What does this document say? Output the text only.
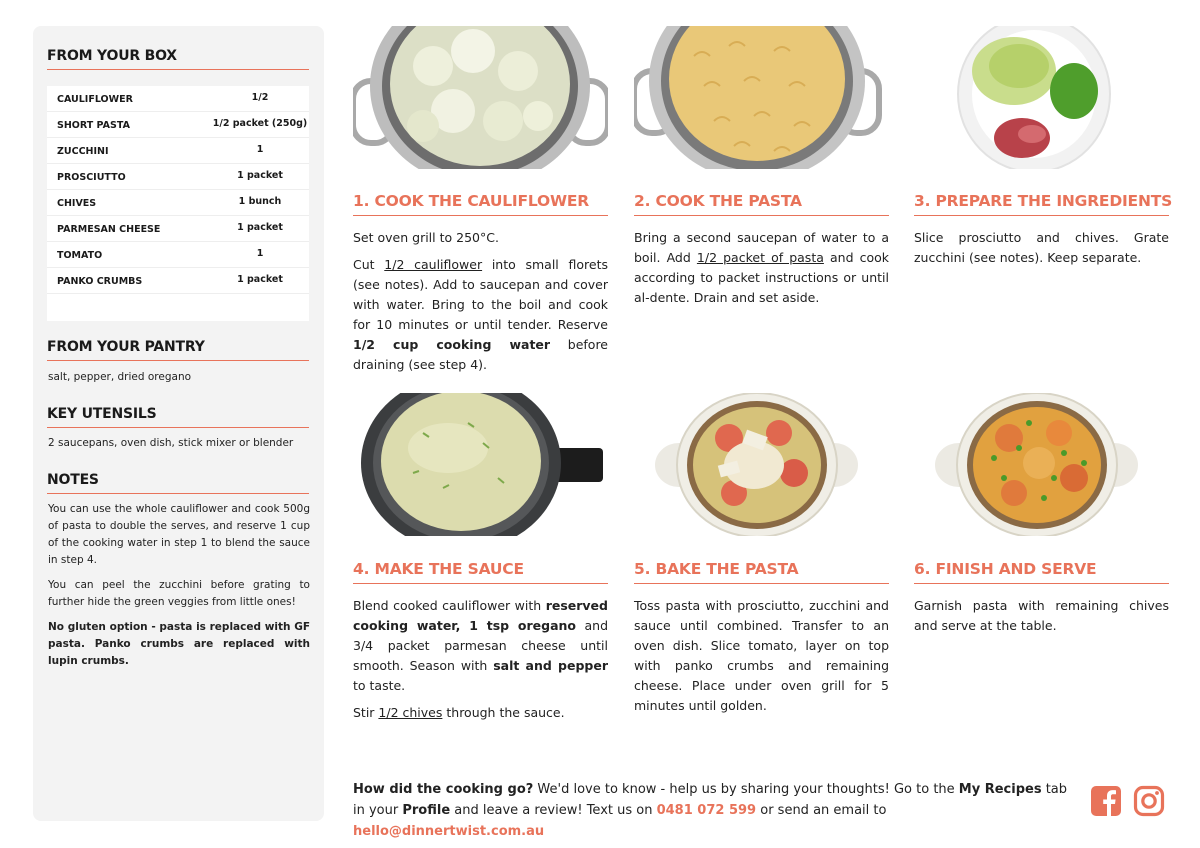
FROM YOUR BOX
CAULIFLOWER	1/2
SHORT PASTA	1/2 packet (250g)
ZUCCHINI	1
PROSCIUTTO	1 packet
CHIVES	1 bunch
PARMESAN CHEESE	1 packet
TOMATO	1
PANKO CRUMBS	1 packet
FROM YOUR PANTRY
salt, pepper, dried oregano
KEY UTENSILS
2 saucepans, oven dish, stick mixer or blender
NOTES
You can use the whole cauliflower and cook 500g of pasta to double the serves, and reserve 1 cup of the cooking water in step 1 to blend the sauce in step 4.
You can peel the zucchini before grating to further hide the green veggies from little ones!
No gluten option - pasta is replaced with GF pasta. Panko crumbs are replaced with lupin crumbs.
1. COOK THE CAULIFLOWER

Set oven grill to 250°C.

Cut 1/2 cauliflower into small florets (see notes). Add to saucepan and cover with water. Bring to the boil and cook for 10 minutes or until tender. Reserve 1/2 cup cooking water before draining (see step 4).

2. COOK THE PASTA

Bring a second saucepan of water to a boil. Add 1/2 packet of pasta and cook according to packet instructions or until al-dente. Drain and set aside.

3. PREPARE THE INGREDIENTS

Slice prosciutto and chives. Grate zucchini (see notes). Keep separate.

4. MAKE THE SAUCE

Blend cooked cauliflower with reserved cooking water, 1 tsp oregano and 3/4 packet parmesan cheese until smooth. Season with salt and pepper to taste.

Stir 1/2 chives through the sauce.

5. BAKE THE PASTA

Toss pasta with prosciutto, zucchini and sauce until combined. Transfer to an oven dish. Slice tomato, layer on top with panko crumbs and remaining cheese. Place under oven grill for 5 minutes until golden.

6. FINISH AND SERVE

Garnish pasta with remaining chives and serve at the table.

How did the cooking go? We'd love to know - help us by sharing your thoughts! Go to the My Recipes tab in your Profile and leave a review! Text us on 0481 072 599 or send an email to hello@dinnertwist.com.au
